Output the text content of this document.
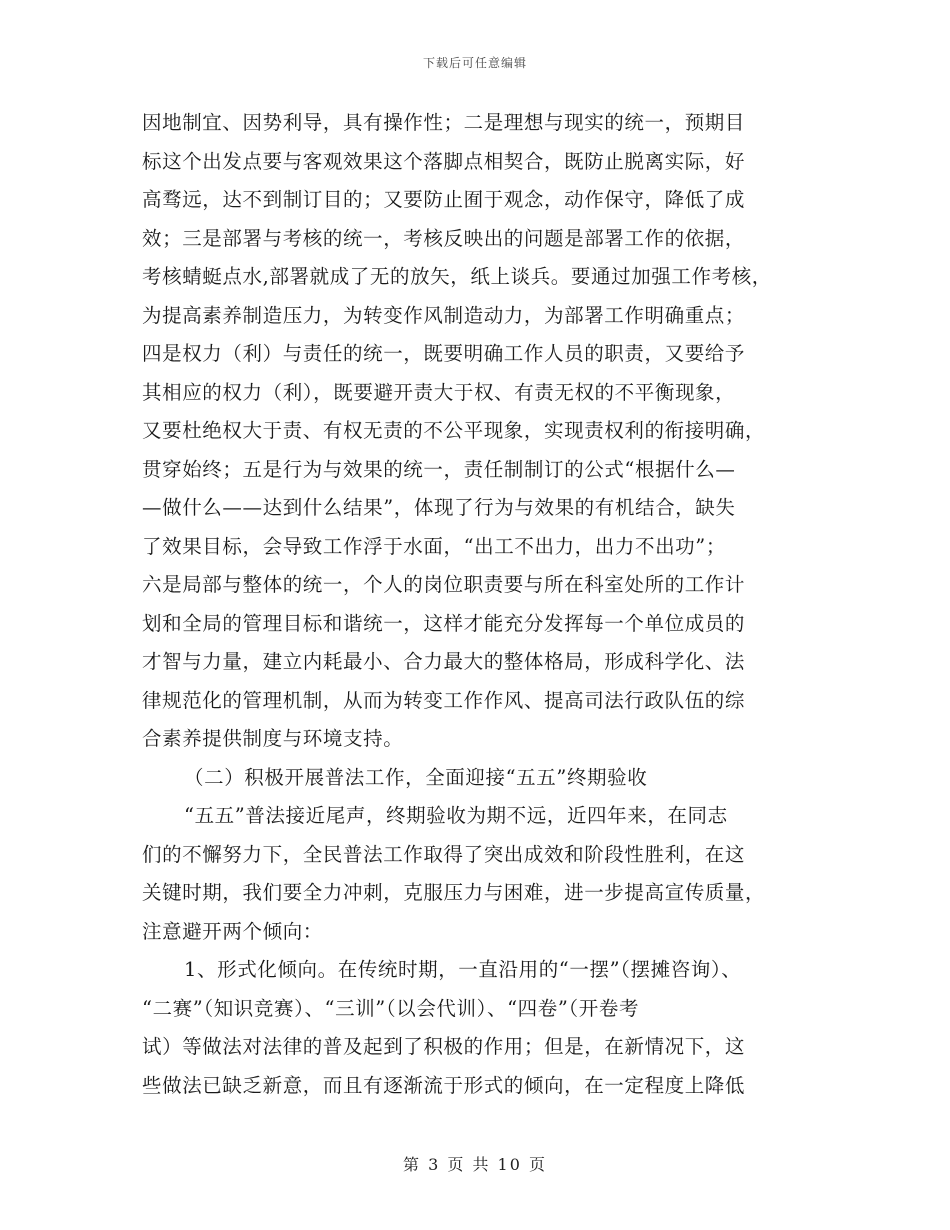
下载后可任意编辑
因地制宜、因势利导，具有操作性；二是理想与现实的统一，预期目
标这个出发点要与客观效果这个落脚点相契合，既防止脱离实际，好
高骛远，达不到制订目的；又要防止囿于观念，动作保守，降低了成
效；三是部署与考核的统一，考核反映出的问题是部署工作的依据，
考核蜻蜓点水,部署就成了无的放矢，纸上谈兵。要通过加强工作考核，
为提高素养制造压力，为转变作风制造动力，为部署工作明确重点；
四是权力（利）与责任的统一，既要明确工作人员的职责，又要给予
其相应的权力（利），既要避开责大于权、有责无权的不平衡现象，
又要杜绝权大于责、有权无责的不公平现象，实现责权利的衔接明确，
贯穿始终；五是行为与效果的统一，责任制制订的公式“根据什么—
—做什么——达到什么结果”，体现了行为与效果的有机结合，缺失
了效果目标，会导致工作浮于水面，“出工不出力，出力不出功”；
六是局部与整体的统一，个人的岗位职责要与所在科室处所的工作计
划和全局的管理目标和谐统一，这样才能充分发挥每一个单位成员的
才智与力量，建立内耗最小、合力最大的整体格局，形成科学化、法
律规范化的管理机制，从而为转变工作作风、提高司法行政队伍的综
合素养提供制度与环境支持。
（二）积极开展普法工作，全面迎接“五五”终期验收
“五五”普法接近尾声，终期验收为期不远，近四年来，在同志
们的不懈努力下，全民普法工作取得了突出成效和阶段性胜利，在这
关键时期，我们要全力冲刺，克服压力与困难，进一步提高宣传质量，
注意避开两个倾向：
1、形式化倾向。在传统时期，一直沿用的“一摆”（摆摊咨询）、
“二赛”（知识竞赛）、“三训”（以会代训）、“四卷”（开卷考
试）等做法对法律的普及起到了积极的作用；但是，在新情况下，这
些做法已缺乏新意，而且有逐渐流于形式的倾向，在一定程度上降低
第 3 页 共 10 页
